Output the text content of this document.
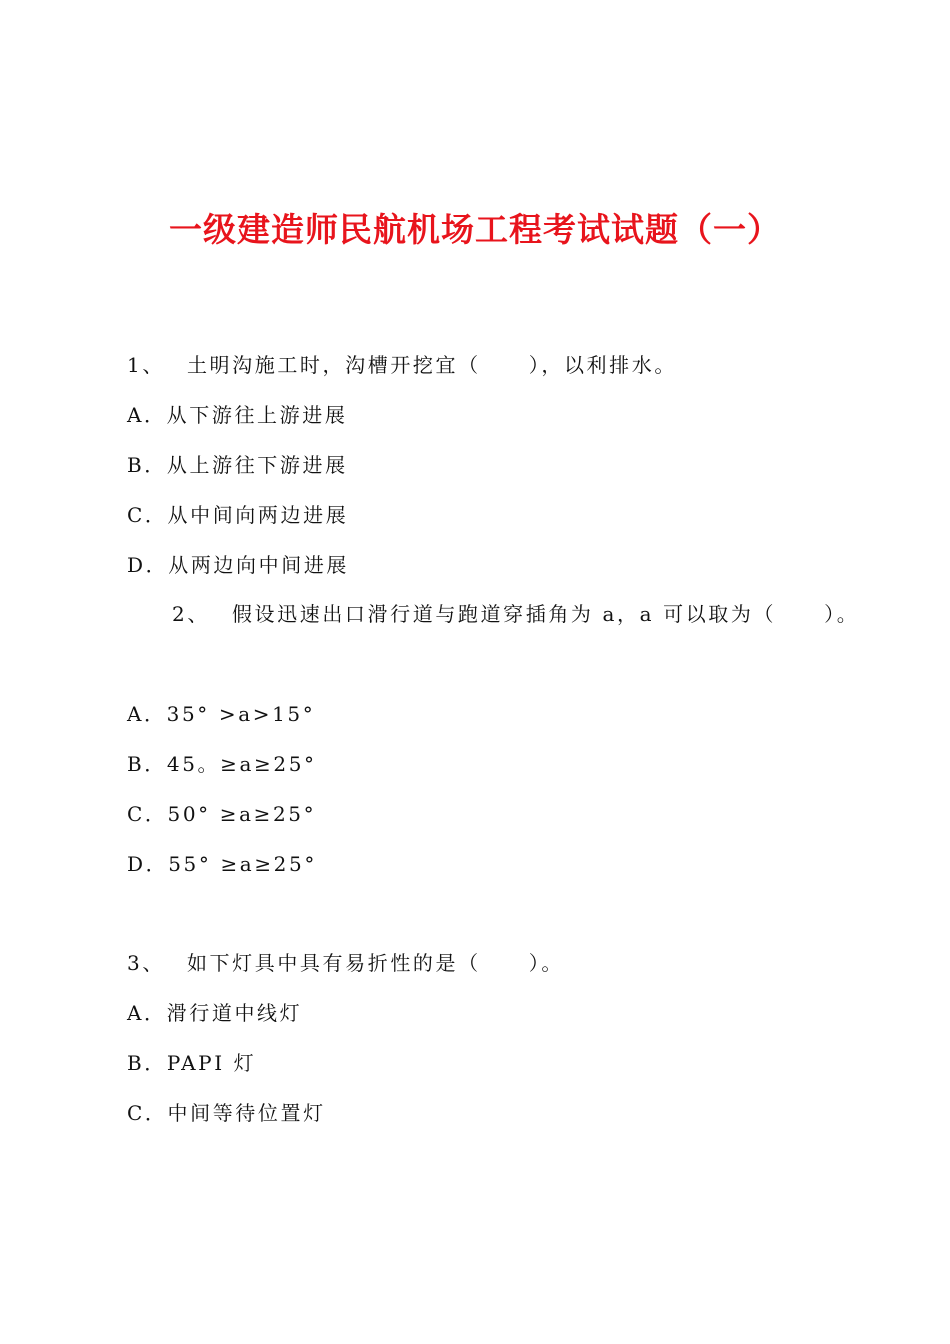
一级建造师民航机场工程考试试题（一）
1、 土明沟施工时，沟槽开挖宜（ ），以利排水。
A．从下游往上游进展
B．从上游往下游进展
C．从中间向两边进展
D．从两边向中间进展
2、 假设迅速出口滑行道与跑道穿插角为 a，a 可以取为（ ）。
A．35° >a>15°
B．45。≥a≥25°
C．50° ≥a≥25°
D．55° ≥a≥25°
3、 如下灯具中具有易折性的是（ ）。
A．滑行道中线灯
B．PAPI 灯
C．中间等待位置灯
